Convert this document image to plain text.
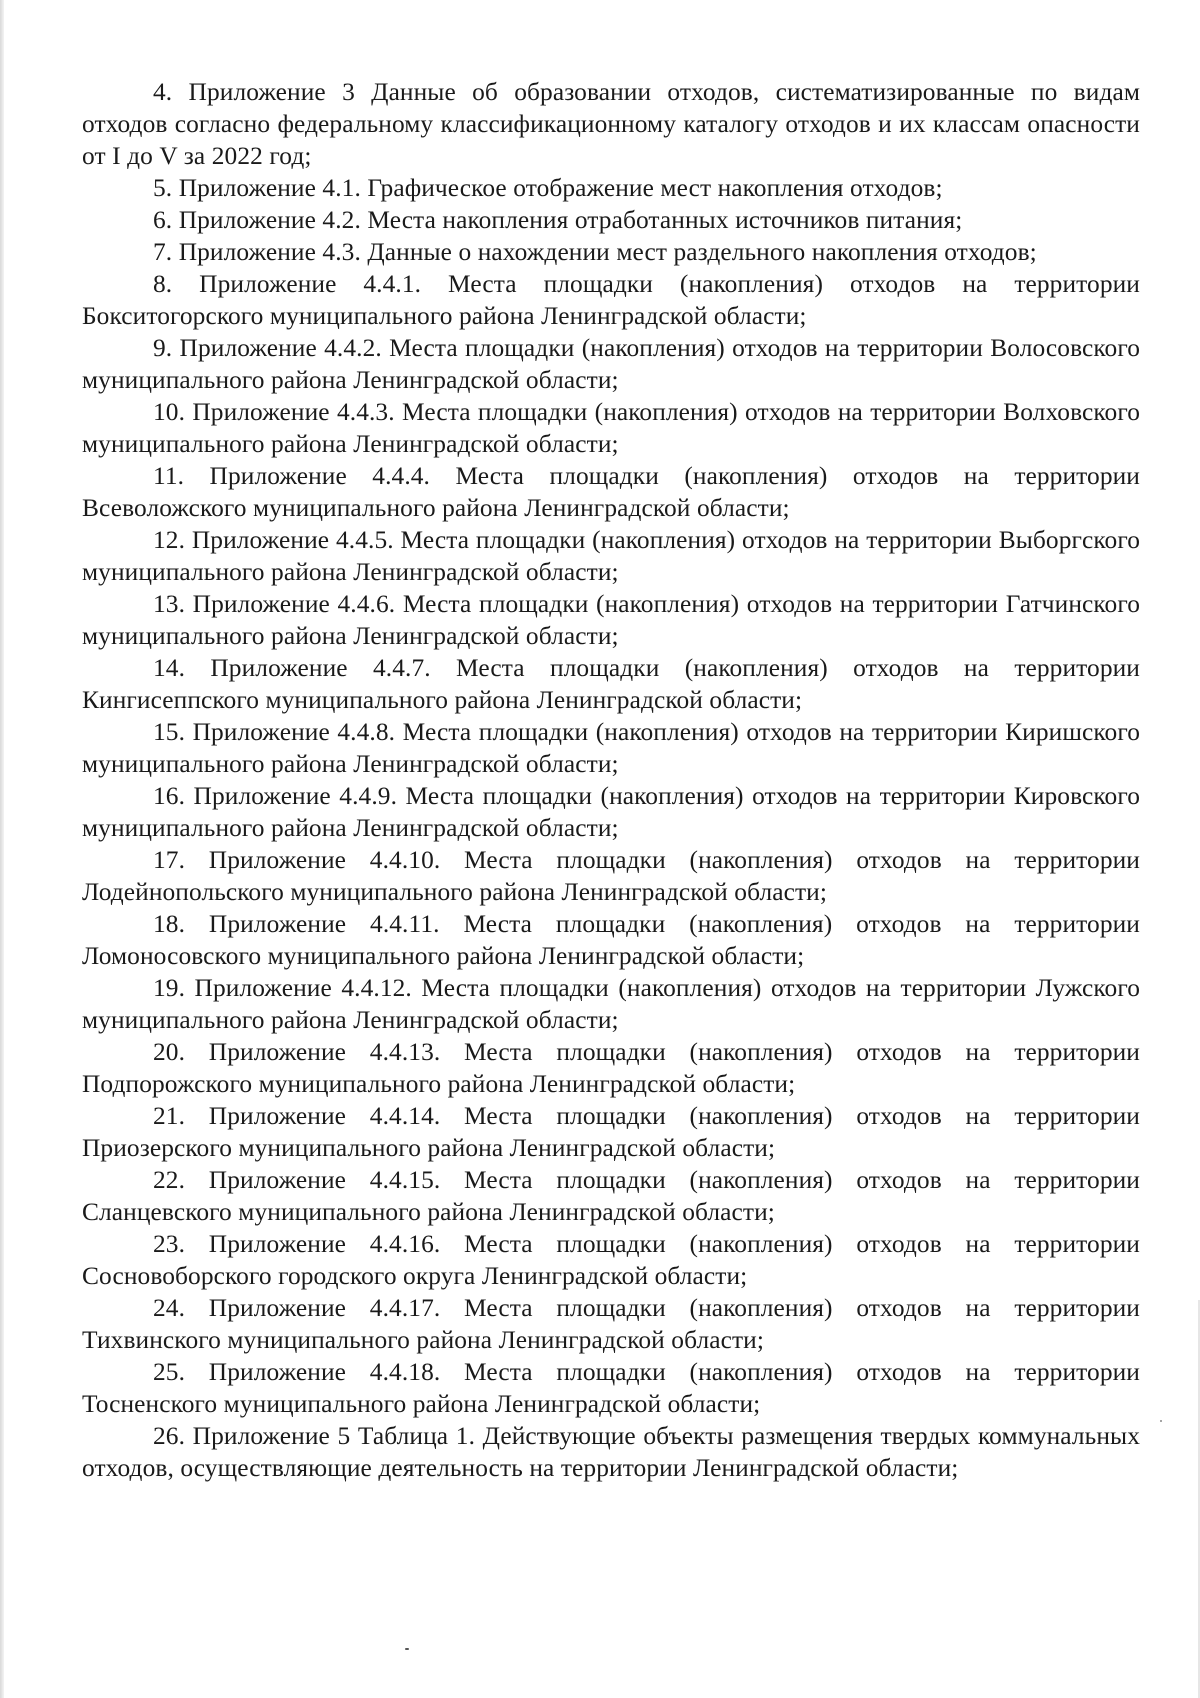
4. Приложение 3 Данные об образовании отходов, систематизированные по видам отходов согласно федеральному классификационному каталогу отходов и их классам опасности от I до V за 2022 год;

5. Приложение 4.1. Графическое отображение мест накопления отходов;

6. Приложение 4.2. Места накопления отработанных источников питания;

7. Приложение 4.3. Данные о нахождении мест раздельного накопления отходов;

8. Приложение 4.4.1. Места площадки (накопления) отходов на территории Бокситогорского муниципального района Ленинградской области;

9. Приложение 4.4.2. Места площадки (накопления) отходов на территории Волосовского муниципального района Ленинградской области;

10. Приложение 4.4.3. Места площадки (накопления) отходов на территории Волховского муниципального района Ленинградской области;

11. Приложение 4.4.4. Места площадки (накопления) отходов на территории Всеволожского муниципального района Ленинградской области;

12. Приложение 4.4.5. Места площадки (накопления) отходов на территории Выборгского муниципального района Ленинградской области;

13. Приложение 4.4.6. Места площадки (накопления) отходов на территории Гатчинского муниципального района Ленинградской области;

14. Приложение 4.4.7. Места площадки (накопления) отходов на территории Кингисеппского муниципального района Ленинградской области;

15. Приложение 4.4.8. Места площадки (накопления) отходов на территории Киришского муниципального района Ленинградской области;

16. Приложение 4.4.9. Места площадки (накопления) отходов на территории Кировского муниципального района Ленинградской области;

17. Приложение 4.4.10. Места площадки (накопления) отходов на территории Лодейнопольского муниципального района Ленинградской области;

18. Приложение 4.4.11. Места площадки (накопления) отходов на территории Ломоносовского муниципального района Ленинградской области;

19. Приложение 4.4.12. Места площадки (накопления) отходов на территории Лужского муниципального района Ленинградской области;

20. Приложение 4.4.13. Места площадки (накопления) отходов на территории Подпорожского муниципального района Ленинградской области;

21. Приложение 4.4.14. Места площадки (накопления) отходов на территории Приозерского муниципального района Ленинградской области;

22. Приложение 4.4.15. Места площадки (накопления) отходов на территории Сланцевского муниципального района Ленинградской области;

23. Приложение 4.4.16. Места площадки (накопления) отходов на территории Сосновоборского городского округа Ленинградской области;

24. Приложение 4.4.17. Места площадки (накопления) отходов на территории Тихвинского муниципального района Ленинградской области;

25. Приложение 4.4.18. Места площадки (накопления) отходов на территории Тосненского муниципального района Ленинградской области;

26. Приложение 5 Таблица 1. Действующие объекты размещения твердых коммунальных отходов, осуществляющие деятельность на территории Ленинградской области;
